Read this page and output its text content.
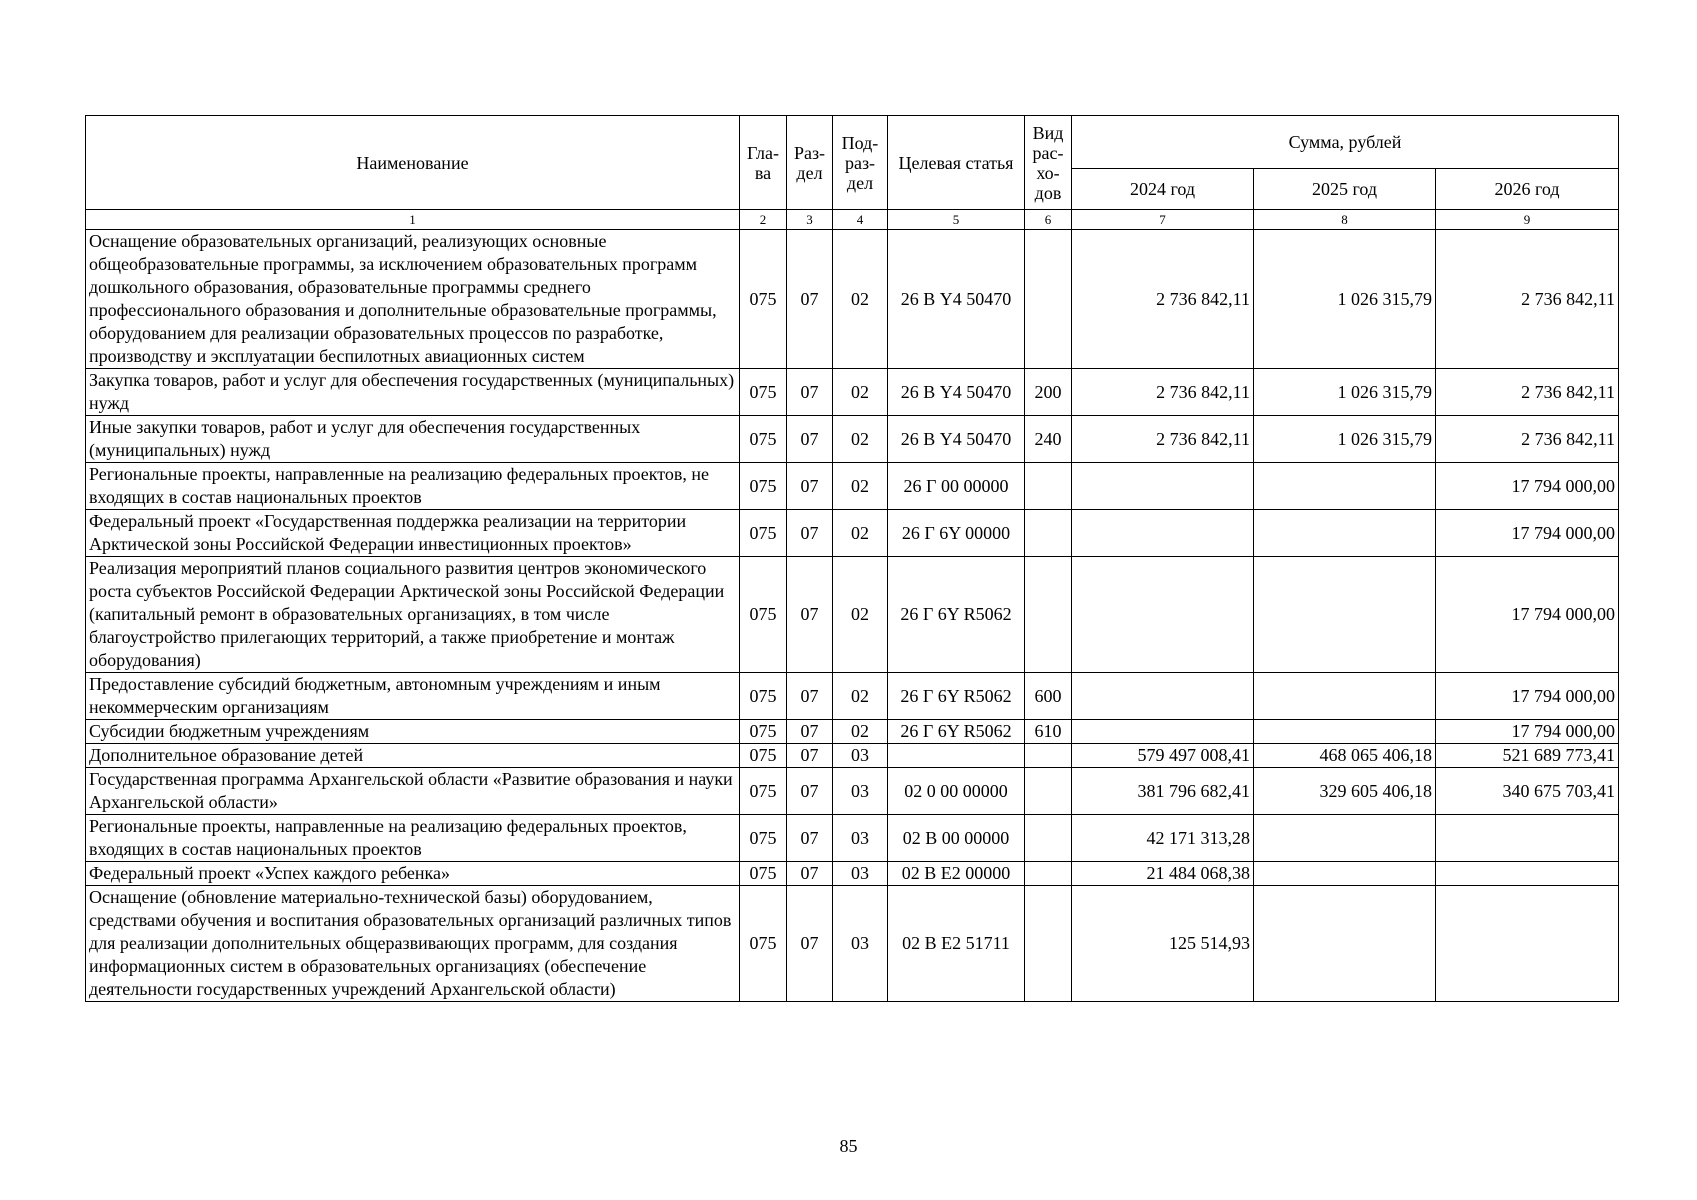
Наименование	Гла-ва	Раз-дел	Под-раз-дел	Целевая статья	Вид рас-хо-дов	Сумма, рублей		
						2024 год	2025 год	2026 год
1	2	3	4	5	6	7	8	9
Оснащение образовательных организаций, реализующих основные общеобразовательные программы, за исключением образовательных программ дошкольного образования, образовательные программы среднего профессионального образования и дополнительные образовательные программы, оборудованием для реализации образовательных процессов по разработке, производству и эксплуатации беспилотных авиационных систем	075	07	02	26 В Y4 50470		2 736 842,11	1 026 315,79	2 736 842,11
Закупка товаров, работ и услуг для обеспечения государственных (муниципальных) нужд	075	07	02	26 В Y4 50470	200	2 736 842,11	1 026 315,79	2 736 842,11
Иные закупки товаров, работ и услуг для обеспечения государственных (муниципальных) нужд	075	07	02	26 В Y4 50470	240	2 736 842,11	1 026 315,79	2 736 842,11
Региональные проекты, направленные на реализацию федеральных проектов, не входящих в состав национальных проектов	075	07	02	26 Г 00 00000				17 794 000,00
Федеральный проект «Государственная поддержка реализации на территории Арктической зоны Российской Федерации инвестиционных проектов»	075	07	02	26 Г 6Y 00000				17 794 000,00
Реализация мероприятий планов социального развития центров экономического роста субъектов Российской Федерации Арктической зоны Российской Федерации (капитальный ремонт в образовательных организациях, в том числе благоустройство прилегающих территорий, а также приобретение и монтаж оборудования)	075	07	02	26 Г 6Y R5062				17 794 000,00
Предоставление субсидий бюджетным, автономным учреждениям и иным некоммерческим организациям	075	07	02	26 Г 6Y R5062	600			17 794 000,00
Субсидии бюджетным учреждениям	075	07	02	26 Г 6Y R5062	610			17 794 000,00
Дополнительное образование детей	075	07	03			579 497 008,41	468 065 406,18	521 689 773,41
Государственная программа Архангельской области «Развитие образования и науки Архангельской области»	075	07	03	02 0 00 00000		381 796 682,41	329 605 406,18	340 675 703,41
Региональные проекты, направленные на реализацию федеральных проектов, входящих в состав национальных проектов	075	07	03	02 В 00 00000		42 171 313,28		
Федеральный проект «Успех каждого ребенка»	075	07	03	02 В E2 00000		21 484 068,38		
Оснащение (обновление материально-технической базы) оборудованием, средствами обучения и воспитания образовательных организаций различных типов для реализации дополнительных общеразвивающих программ, для создания информационных систем в образовательных организациях (обеспечение деятельности государственных учреждений Архангельской области)	075	07	03	02 В E2 51711		125 514,93		
85
